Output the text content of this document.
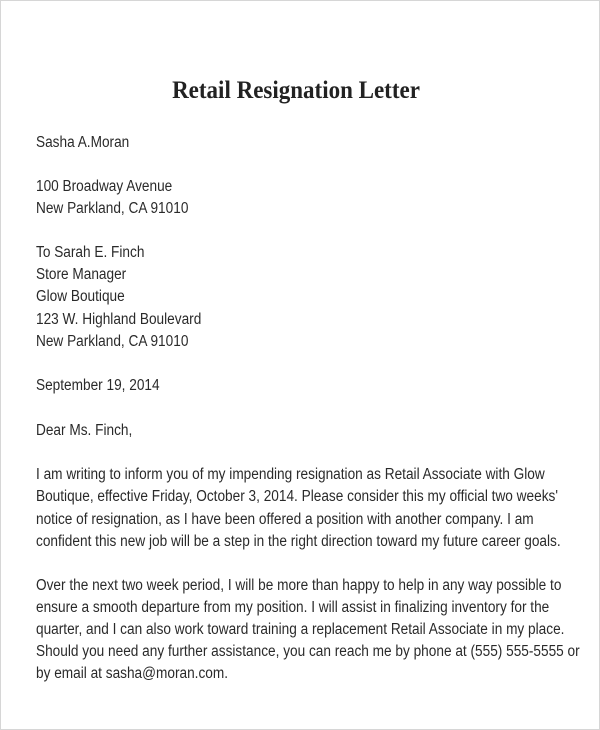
Retail Resignation Letter
Sasha A.Moran
100 Broadway Avenue
New Parkland, CA 91010
To Sarah E. Finch
Store Manager
Glow Boutique
123 W. Highland Boulevard
New Parkland, CA 91010
September 19, 2014
Dear Ms. Finch,
I am writing to inform you of my impending resignation as Retail Associate with Glow
Boutique, effective Friday, October 3, 2014. Please consider this my official two weeks'
notice of resignation, as I have been offered a position with another company. I am
confident this new job will be a step in the right direction toward my future career goals.
Over the next two week period, I will be more than happy to help in any way possible to
ensure a smooth departure from my position. I will assist in finalizing inventory for the
quarter, and I can also work toward training a replacement Retail Associate in my place.
Should you need any further assistance, you can reach me by phone at (555) 555-5555 or
by email at sasha@moran.com.
